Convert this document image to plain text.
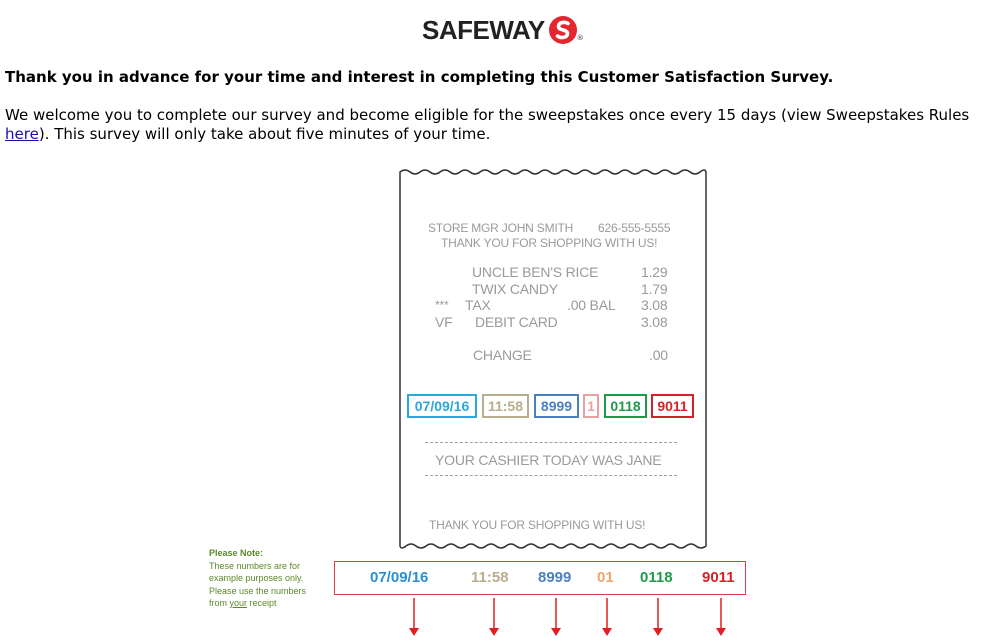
SAFEWAY	®
Thank you in advance for your time and interest in completing this Customer Satisfaction Survey.
We welcome you to complete our survey and become eligible for the sweepstakes once every 15 days (view Sweepstakes Rules here). This survey will only take about five minutes of your time.
STORE MGR JOHN SMITH 626-555-5555
THANK YOU FOR SHOPPING WITH US!
UNCLE BEN'S RICE	1.29
TWIX CANDY	1.79
*** TAX	.00 BAL 3.08
VF DEBIT CARD	3.08
CHANGE	.00
07/09/16	11:58	8999	1	0118	9011
YOUR CASHIER TODAY WAS JANE
THANK YOU FOR SHOPPING WITH US!
Please Note:
These numbers are for
example purposes only.
Please use the numbers
from your receipt
07/09/16	11:58 8999 01 0118 9011
